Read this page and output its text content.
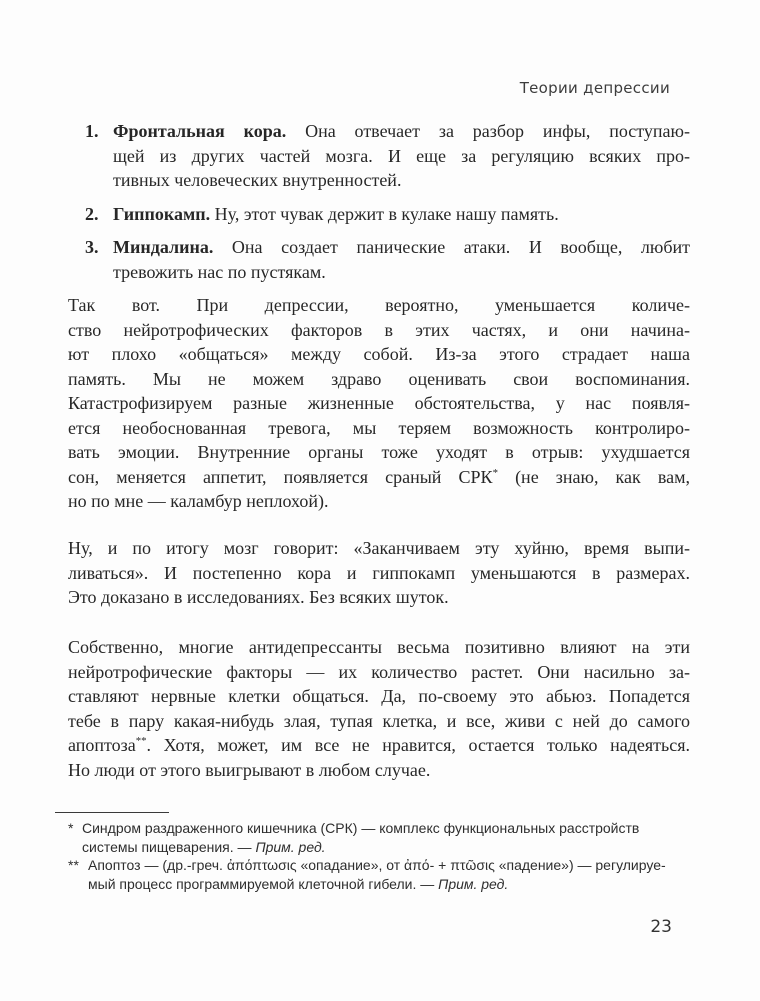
Теории депрессии
1. Фронтальная кора. Она отвечает за разбор инфы, поступаю-
щей из других частей мозга. И еще за регуляцию всяких про-
тивных человеческих внутренностей.
2. Гиппокамп. Ну, этот чувак держит в кулаке нашу память.
3. Миндалина. Она создает панические атаки. И вообще, любит
тревожить нас по пустякам.
Так вот. При депрессии, вероятно, уменьшается количе-
ство нейротрофических факторов в этих частях, и они начина-
ют плохо «общаться» между собой. Из-за этого страдает наша
память. Мы не можем здраво оценивать свои воспоминания.
Катастрофизируем разные жизненные обстоятельства, у нас появля-
ется необоснованная тревога, мы теряем возможность контролиро-
вать эмоции. Внутренние органы тоже уходят в отрыв: ухудшается
сон, меняется аппетит, появляется сраный СРК* (не знаю, как вам,
но по мне — каламбур неплохой).
Ну, и по итогу мозг говорит: «Заканчиваем эту хуйню, время выпи-
ливаться». И постепенно кора и гиппокамп уменьшаются в размерах.
Это доказано в исследованиях. Без всяких шуток.
Собственно, многие антидепрессанты весьма позитивно влияют на эти
нейротрофические факторы — их количество растет. Они насильно за-
ставляют нервные клетки общаться. Да, по-своему это абьюз. Попадется
тебе в пару какая-нибудь злая, тупая клетка, и все, живи с ней до самого
апоптоза**. Хотя, может, им все не нравится, остается только надеяться.
Но люди от этого выигрывают в любом случае.
* Синдром раздраженного кишечника (СРК) — комплекс функциональных расстройств
системы пищеварения. — Прим. ред.
** Апоптоз — (др.-греч. ἀπόπτωσις «опадание», от ἀπό- + πτῶσις «падение») — регулируе-
мый процесс программируемой клеточной гибели. — Прим. ред.
23
